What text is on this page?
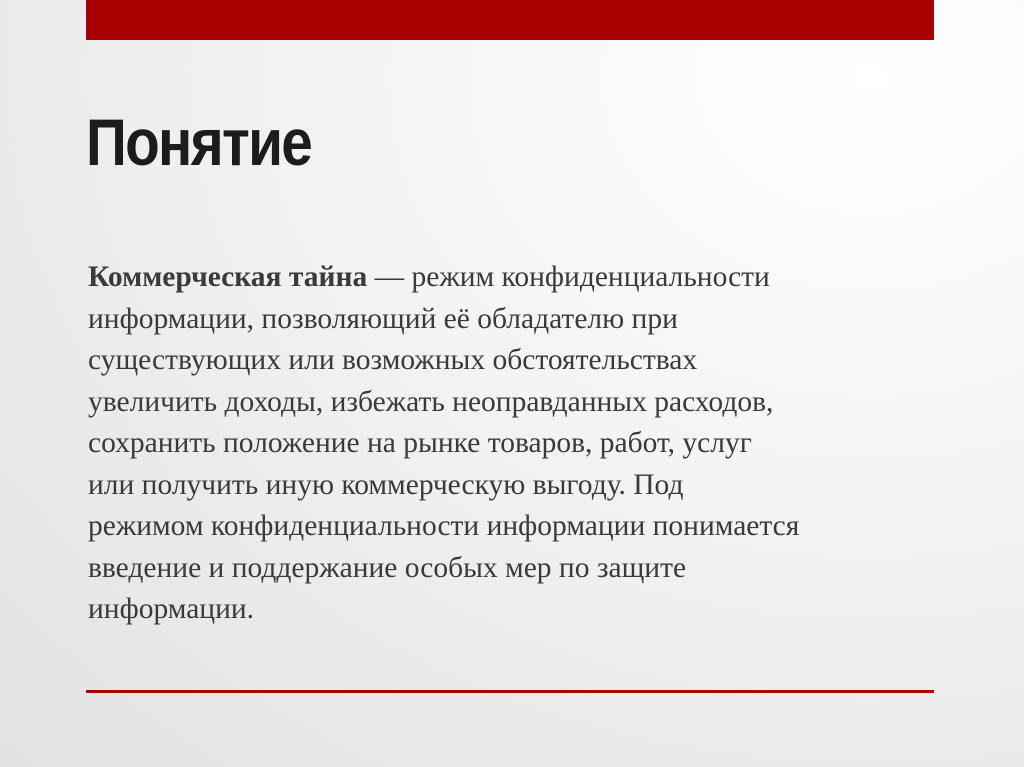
Понятие

Коммерческая тайна — режим конфиденциальности
информации, позволяющий её обладателю при
существующих или возможных обстоятельствах
увеличить доходы, избежать неоправданных расходов,
сохранить положение на рынке товаров, работ, услуг
или получить иную коммерческую выгоду. Под
режимом конфиденциальности информации понимается
введение и поддержание особых мер по защите
информации.
